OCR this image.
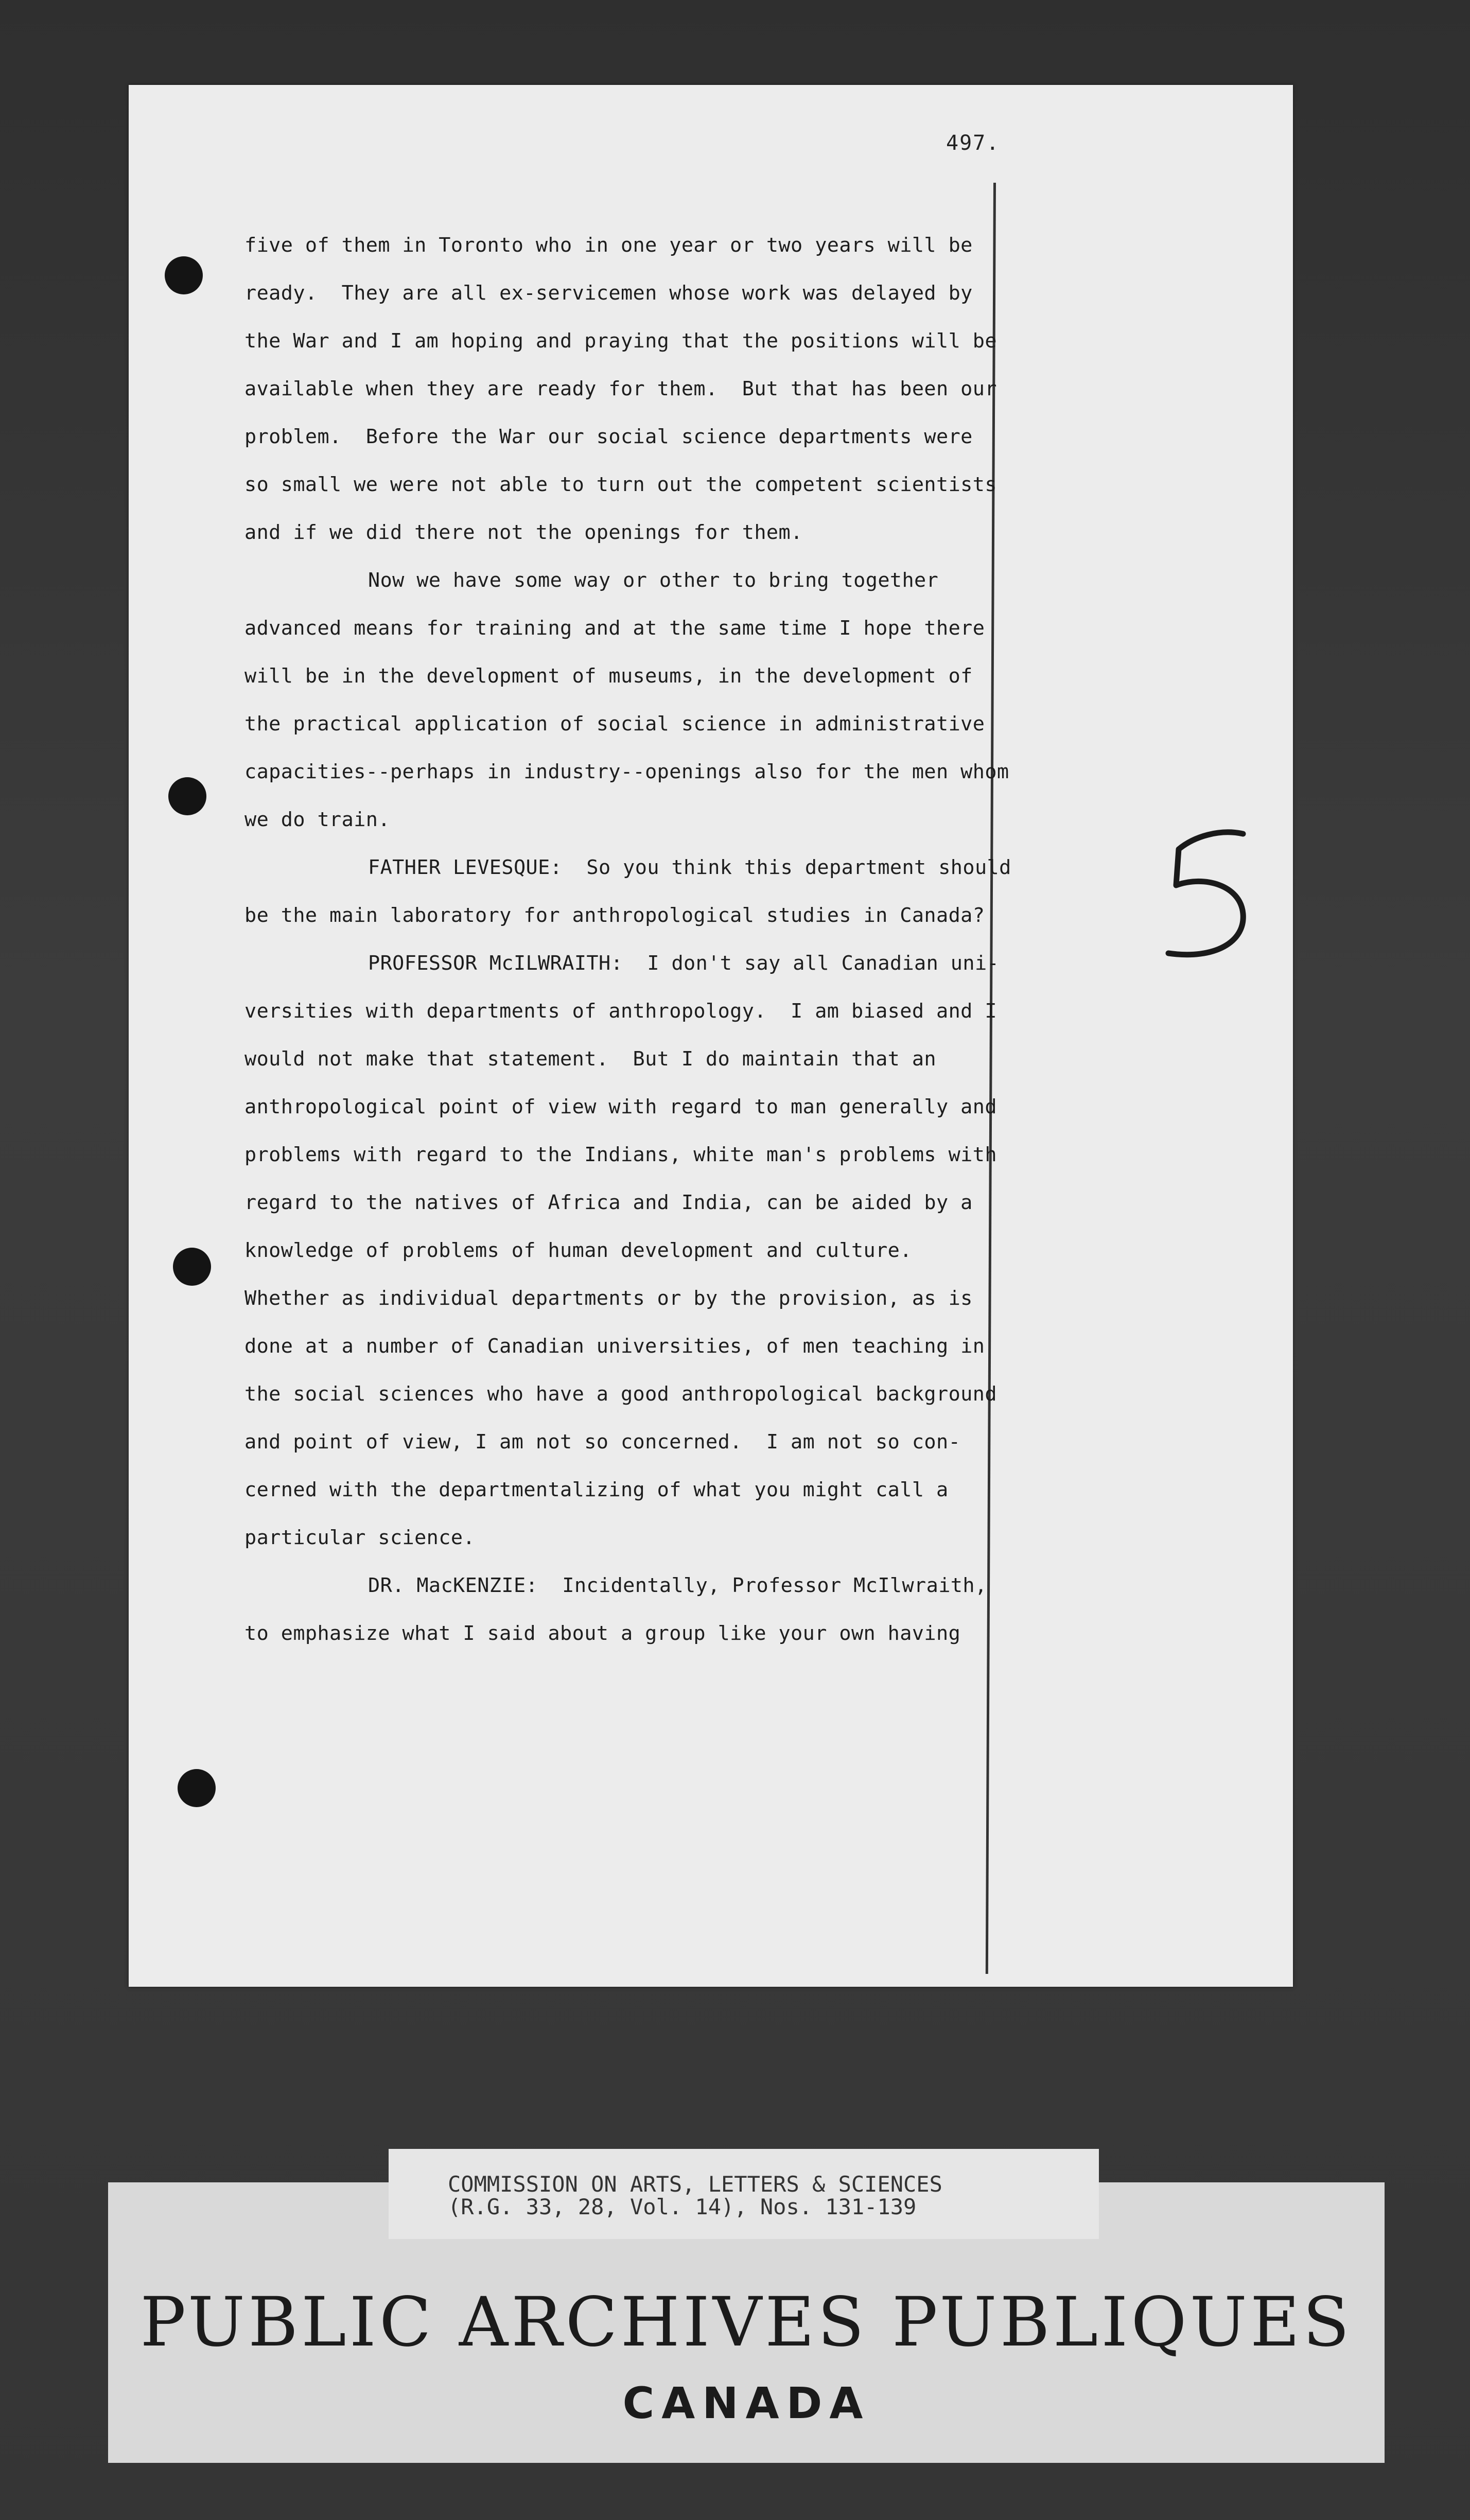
497.
five of them in Toronto who in one year or two years will be
ready.  They are all ex-servicemen whose work was delayed by
the War and I am hoping and praying that the positions will be
available when they are ready for them.  But that has been our
problem.  Before the War our social science departments were
so small we were not able to turn out the competent scientists
and if we did there not the openings for them.
Now we have some way or other to bring together
advanced means for training and at the same time I hope there
will be in the development of museums, in the development of
the practical application of social science in administrative
capacities--perhaps in industry--openings also for the men whom
we do train.
FATHER LEVESQUE:  So you think this department should
be the main laboratory for anthropological studies in Canada?
PROFESSOR McILWRAITH:  I don't say all Canadian uni-
versities with departments of anthropology.  I am biased and I
would not make that statement.  But I do maintain that an
anthropological point of view with regard to man generally and
problems with regard to the Indians, white man's problems with
regard to the natives of Africa and India, can be aided by a
knowledge of problems of human development and culture.
Whether as individual departments or by the provision, as is
done at a number of Canadian universities, of men teaching in
the social sciences who have a good anthropological background
and point of view, I am not so concerned.  I am not so con-
cerned with the departmentalizing of what you might call a
particular science.
DR. MacKENZIE:  Incidentally, Professor McIlwraith,
to emphasize what I said about a group like your own having
COMMISSION ON ARTS, LETTERS & SCIENCES
(R.G. 33, 28, Vol. 14), Nos. 131-139
PUBLIC ARCHIVES PUBLIQUES
CANADA
